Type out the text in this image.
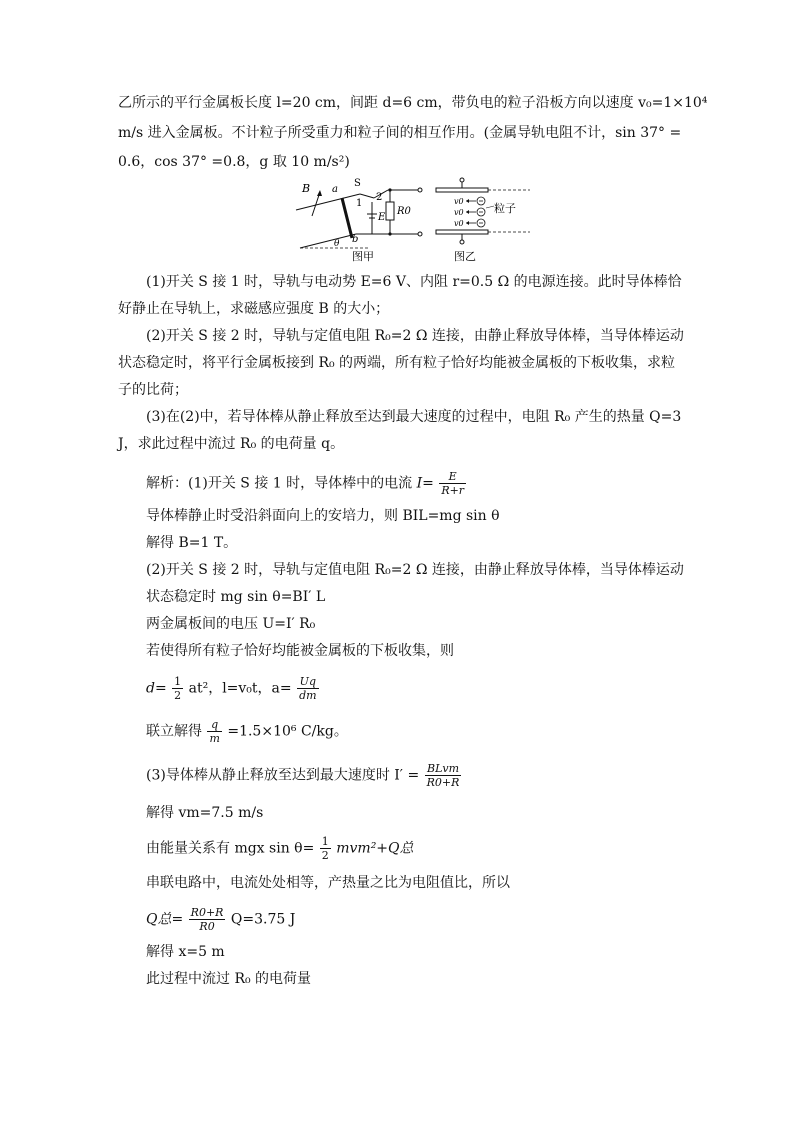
乙所示的平行金属板长度 l=20 cm，间距 d=6 cm，带负电的粒子沿板方向以速度 v₀=1×10⁴
m/s 进入金属板。不计粒子所受重力和粒子间的相互作用。(金属导轨电阻不计，sin 37° =
0.6，cos 37° =0.8，g 取 10 m/s²)
B a
b
S
1
2
E
R0
θ
图甲
v0
v0
v0
粒子
图乙
(1)开关 S 接 1 时，导轨与电动势 E=6 V、内阻 r=0.5 Ω 的电源连接。此时导体棒恰
好静止在导轨上，求磁感应强度 B 的大小；
(2)开关 S 接 2 时，导轨与定值电阻 R₀=2 Ω 连接，由静止释放导体棒，当导体棒运动
状态稳定时，将平行金属板接到 R₀ 的两端，所有粒子恰好均能被金属板的下板收集，求粒
子的比荷；
(3)在(2)中，若导体棒从静止释放至达到最大速度的过程中，电阻 R₀ 产生的热量 Q=3
J，求此过程中流过 R₀ 的电荷量 q。
解析：(1)开关 S 接 1 时，导体棒中的电流 $I= \frac{E}{R+r}$
导体棒静止时受沿斜面向上的安培力，则 BIL=mg sin θ
解得 B=1 T。
(2)开关 S 接 2 时，导轨与定值电阻 R₀=2 Ω 连接，由静止释放导体棒，当导体棒运动
状态稳定时 mg sin θ=BI′ L
两金属板间的电压 U=I′ R₀
若使得所有粒子恰好均能被金属板的下板收集，则
$d= \frac{1}{2} at^2$，l=v₀t，$a= \frac{Uq}{dm}$
联立解得 $\frac{q}{m} =1.5\times 10^6$ C/kg。
(3)导体棒从静止释放至达到最大速度时 $I' = \frac{\text{BLvm}}{R0+R}$
解得 vm=7.5 m/s
由能量关系有 mgx $\sin \theta= \frac{1}{2} mvm^2+Q$总
串联电路中，电流处处相等，产热量之比为电阻值比，所以
Q总= $\frac{R0+R}{R0} Q=3.75$ J
解得 x=5 m
此过程中流过 R₀ 的电荷量
